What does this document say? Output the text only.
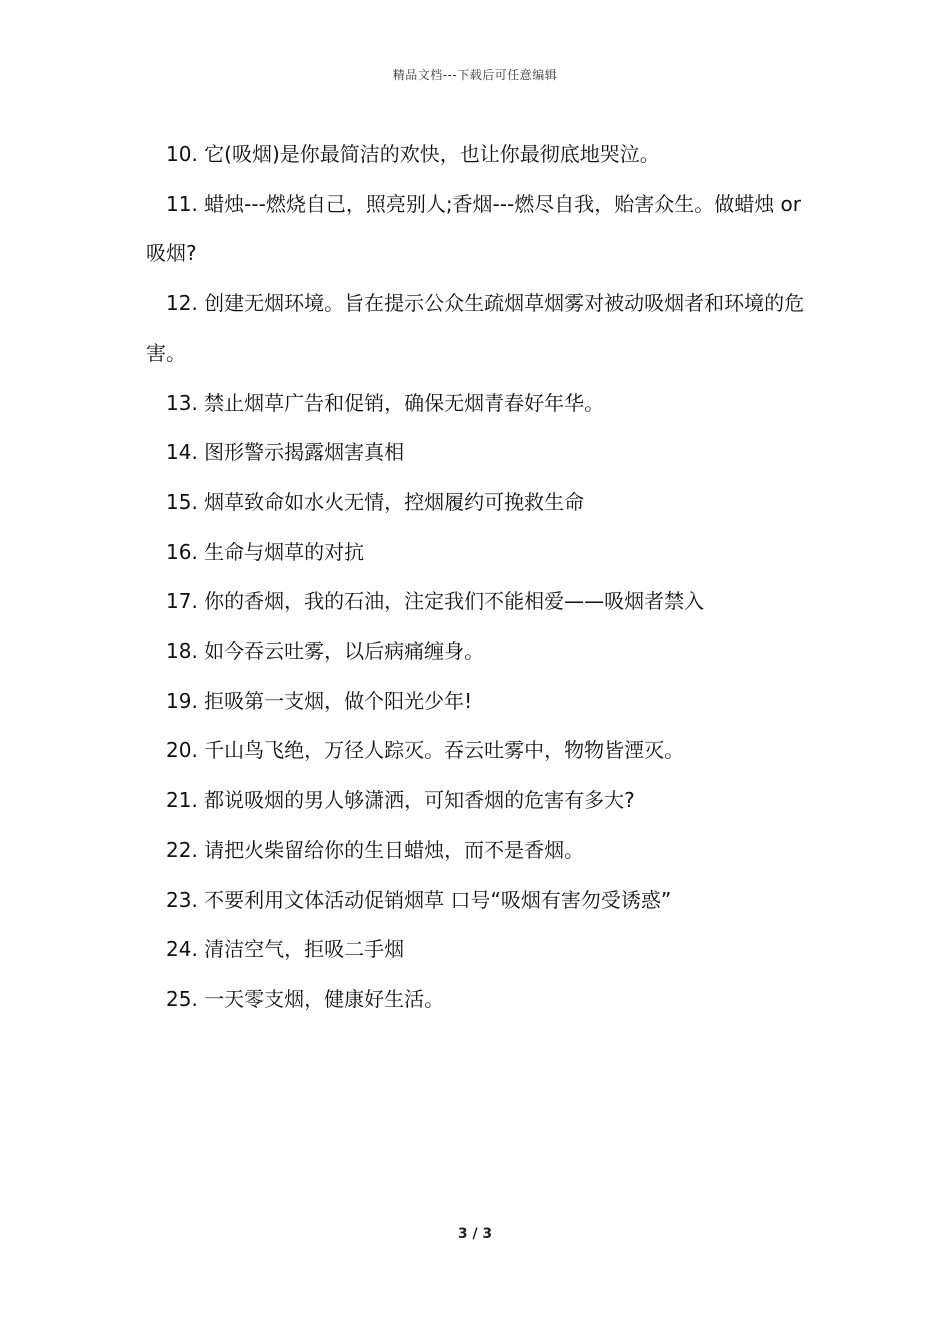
精品文档---下载后可任意编辑

10. 它(吸烟)是你最简洁的欢快，也让你最彻底地哭泣。

11. 蜡烛---燃烧自己，照亮别人;香烟---燃尽自我，贻害众生。做蜡烛 or 吸烟?

12. 创建无烟环境。旨在提示公众生疏烟草烟雾对被动吸烟者和环境的危害。

13. 禁止烟草广告和促销，确保无烟青春好年华。

14. 图形警示揭露烟害真相

15. 烟草致命如水火无情，控烟履约可挽救生命

16. 生命与烟草的对抗

17. 你的香烟，我的石油，注定我们不能相爱——吸烟者禁入

18. 如今吞云吐雾，以后病痛缠身。

19. 拒吸第一支烟，做个阳光少年!

20. 千山鸟飞绝，万径人踪灭。吞云吐雾中，物物皆湮灭。

21. 都说吸烟的男人够潇洒，可知香烟的危害有多大?

22. 请把火柴留给你的生日蜡烛，而不是香烟。

23. 不要利用文体活动促销烟草 口号“吸烟有害勿受诱惑”

24. 清洁空气，拒吸二手烟

25. 一天零支烟，健康好生活。

3 / 3
